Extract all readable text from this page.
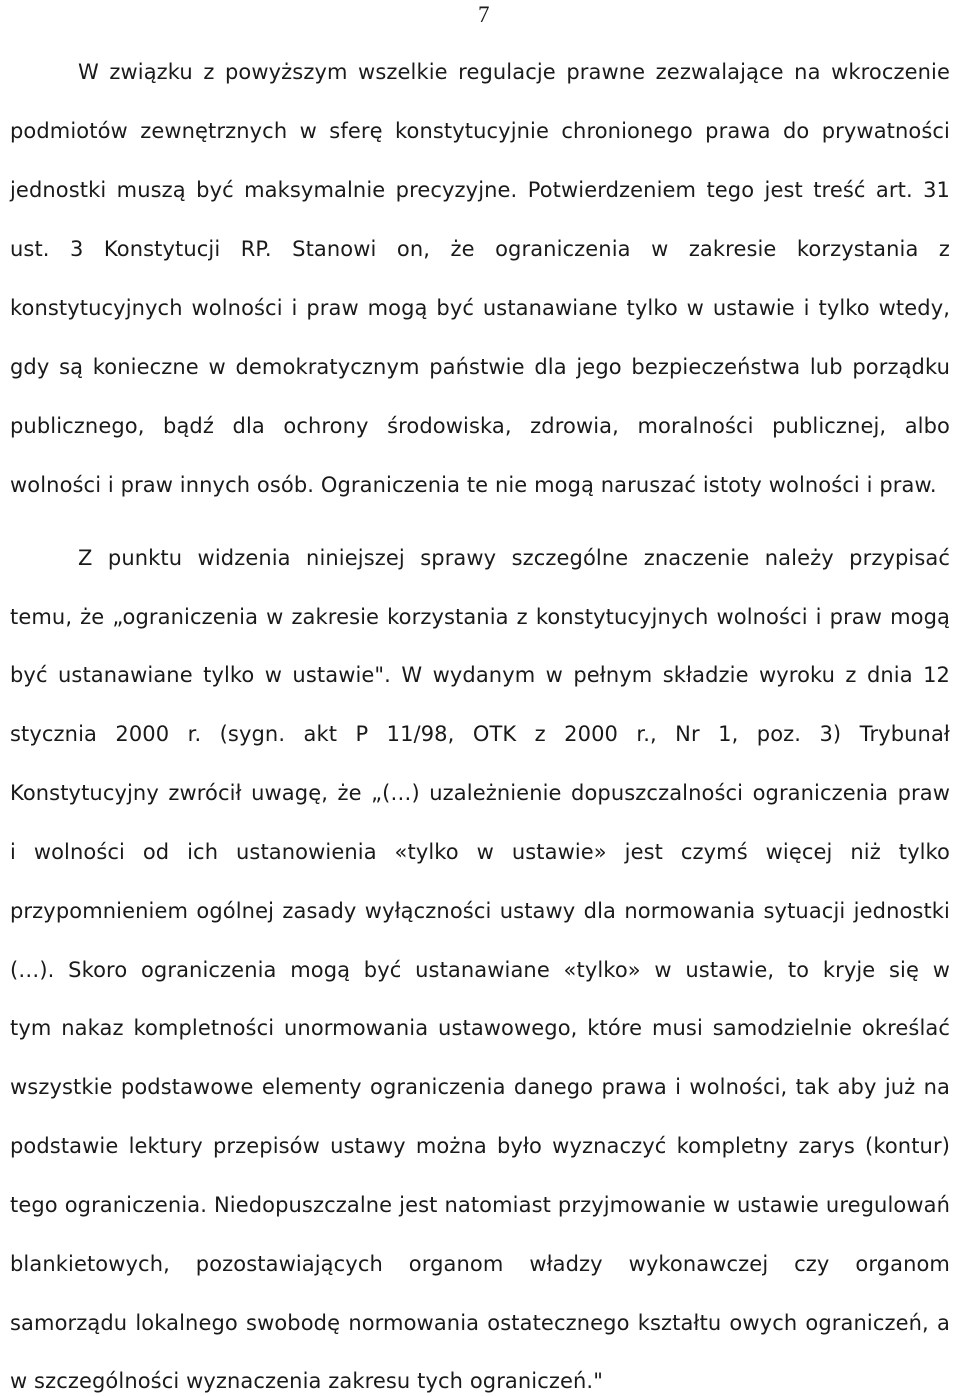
7
W związku z powyższym wszelkie regulacje prawne zezwalające na wkroczenie
podmiotów zewnętrznych w sferę konstytucyjnie chronionego prawa do prywatności
jednostki muszą być maksymalnie precyzyjne. Potwierdzeniem tego jest treść art. 31
ust. 3 Konstytucji RP. Stanowi on, że ograniczenia w zakresie korzystania z
konstytucyjnych wolności i praw mogą być ustanawiane tylko w ustawie i tylko wtedy,
gdy są konieczne w demokratycznym państwie dla jego bezpieczeństwa lub porządku
publicznego, bądź dla ochrony środowiska, zdrowia, moralności publicznej, albo
wolności i praw innych osób. Ograniczenia te nie mogą naruszać istoty wolności i praw.
Z punktu widzenia niniejszej sprawy szczególne znaczenie należy przypisać
temu, że „ograniczenia w zakresie korzystania z konstytucyjnych wolności i praw mogą
być ustanawiane tylko w ustawie". W wydanym w pełnym składzie wyroku z dnia 12
stycznia 2000 r. (sygn. akt P 11/98, OTK z 2000 r., Nr 1, poz. 3) Trybunał
Konstytucyjny zwrócił uwagę, że „(…) uzależnienie dopuszczalności ograniczenia praw
i wolności od ich ustanowienia «tylko w ustawie» jest czymś więcej niż tylko
przypomnieniem ogólnej zasady wyłączności ustawy dla normowania sytuacji jednostki
(…). Skoro ograniczenia mogą być ustanawiane «tylko» w ustawie, to kryje się w
tym nakaz kompletności unormowania ustawowego, które musi samodzielnie określać
wszystkie podstawowe elementy ograniczenia danego prawa i wolności, tak aby już na
podstawie lektury przepisów ustawy można było wyznaczyć kompletny zarys (kontur)
tego ograniczenia. Niedopuszczalne jest natomiast przyjmowanie w ustawie uregulowań
blankietowych, pozostawiających organom władzy wykonawczej czy organom
samorządu lokalnego swobodę normowania ostatecznego kształtu owych ograniczeń, a
w szczególności wyznaczenia zakresu tych ograniczeń."
